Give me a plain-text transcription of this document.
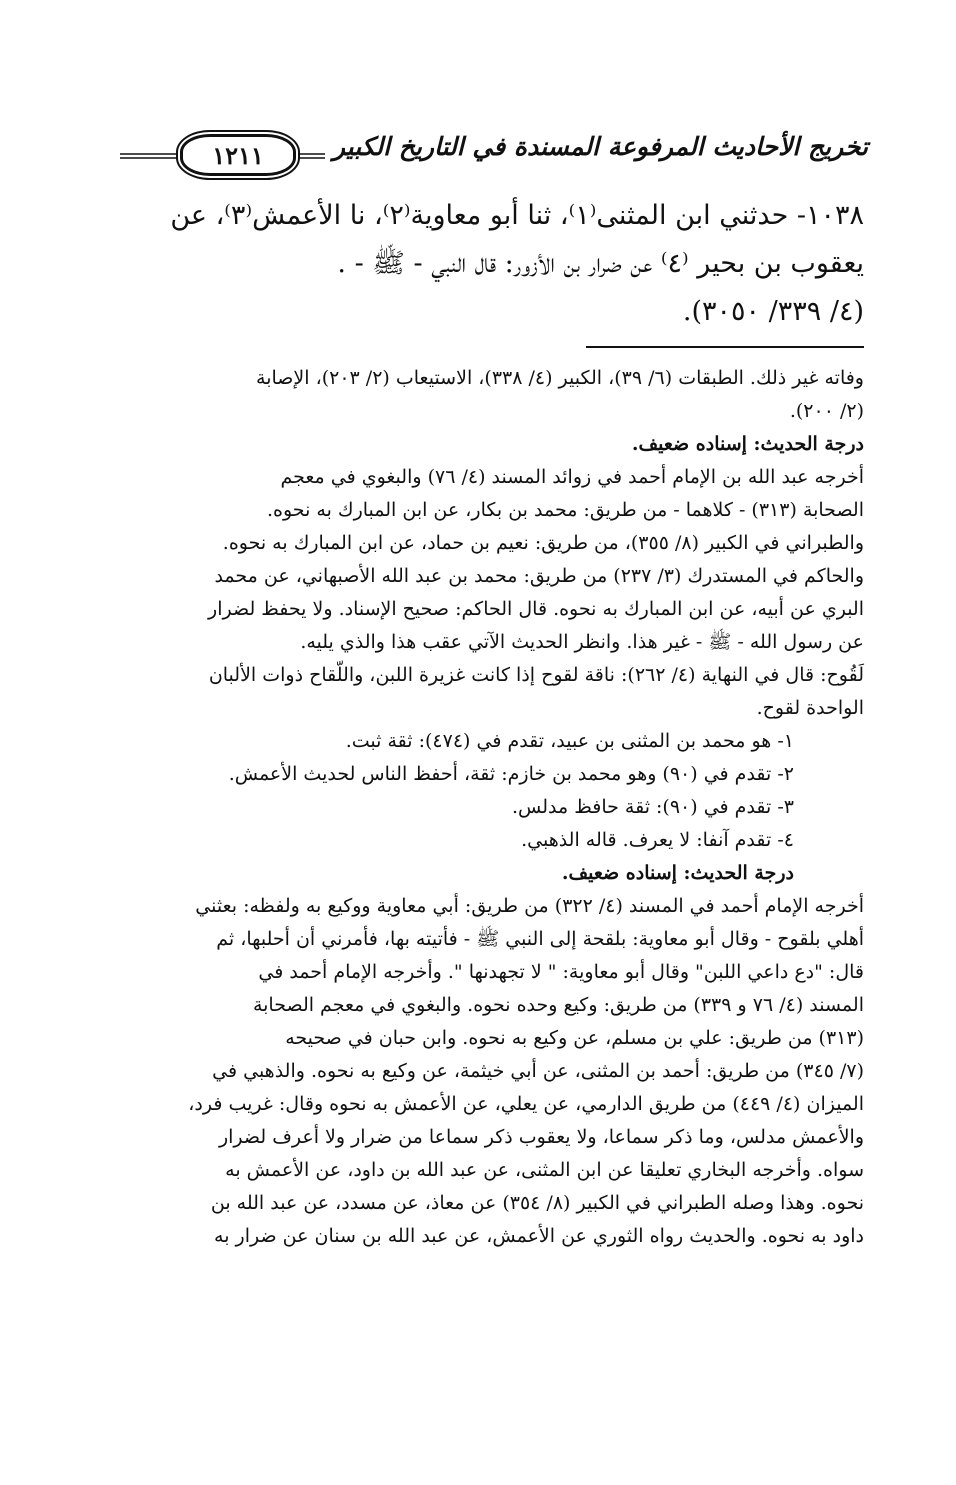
١٢١١	تخريج الأحاديث المرفوعة المسندة في التاريخ الكبير

١٠٣٨- حدثني ابن المثنى⁽١⁾، ثنا أبو معاوية⁽٢⁾، نا الأعمش⁽٣⁾، عن

يعقوب بن بحير ⁽٤⁾ عن ضرار بن الأزور: قال النبي - ﷺ - .

(٤/ ٣٣٩/ ٣٠٥٠).

وفاته غير ذلك. الطبقات (٦/ ٣٩)، الكبير (٤/ ٣٣٨)، الاستيعاب (٢/ ٢٠٣)، الإصابة

(٢/ ٢٠٠).

درجة الحديث: إسناده ضعيف.

أخرجه عبد الله بن الإمام أحمد في زوائد المسند (٤/ ٧٦) والبغوي في معجم

الصحابة (٣١٣) - كلاهما - من طريق: محمد بن بكار، عن ابن المبارك به نحوه.

والطبراني في الكبير (٨/ ٣٥٥)، من طريق: نعيم بن حماد، عن ابن المبارك به نحوه.

والحاكم في المستدرك (٣/ ٢٣٧) من طريق: محمد بن عبد الله الأصبهاني، عن محمد

البري عن أبيه، عن ابن المبارك به نحوه. قال الحاكم: صحيح الإسناد. ولا يحفظ لضرار

عن رسول الله - ﷺ - غير هذا. وانظر الحديث الآتي عقب هذا والذي يليه.

لَقُوح: قال في النهاية (٤/ ٢٦٢): ناقة لقوح إذا كانت غزيرة اللبن، واللّقاح ذوات الألبان

الواحدة لقوح.

١- هو محمد بن المثنى بن عبيد، تقدم في (٤٧٤): ثقة ثبت.

٢- تقدم في (٩٠) وهو محمد بن خازم: ثقة، أحفظ الناس لحديث الأعمش.

٣- تقدم في (٩٠): ثقة حافظ مدلس.

٤- تقدم آنفا: لا يعرف. قاله الذهبي.

درجة الحديث: إسناده ضعيف.

أخرجه الإمام أحمد في المسند (٤/ ٣٢٢) من طريق: أبي معاوية ووكيع به ولفظه: بعثني

أهلي بلقوح - وقال أبو معاوية: بلقحة إلى النبي ﷺ - فأتيته بها، فأمرني أن أحلبها، ثم

قال: "دع داعي اللبن" وقال أبو معاوية: " لا تجهدنها ". وأخرجه الإمام أحمد في

المسند (٤/ ٧٦ و ٣٣٩) من طريق: وكيع وحده نحوه. والبغوي في معجم الصحابة

(٣١٣) من طريق: علي بن مسلم، عن وكيع به نحوه. وابن حبان في صحيحه

(٧/ ٣٤٥) من طريق: أحمد بن المثنى، عن أبي خيثمة، عن وكيع به نحوه. والذهبي في

الميزان (٤/ ٤٤٩) من طريق الدارمي، عن يعلي، عن الأعمش به نحوه وقال: غريب فرد،

والأعمش مدلس، وما ذكر سماعا، ولا يعقوب ذكر سماعا من ضرار ولا أعرف لضرار

سواه. وأخرجه البخاري تعليقا عن ابن المثنى، عن عبد الله بن داود، عن الأعمش به

نحوه. وهذا وصله الطبراني في الكبير (٨/ ٣٥٤) عن معاذ، عن مسدد، عن عبد الله بن

داود به نحوه. والحديث رواه الثوري عن الأعمش، عن عبد الله بن سنان عن ضرار به
